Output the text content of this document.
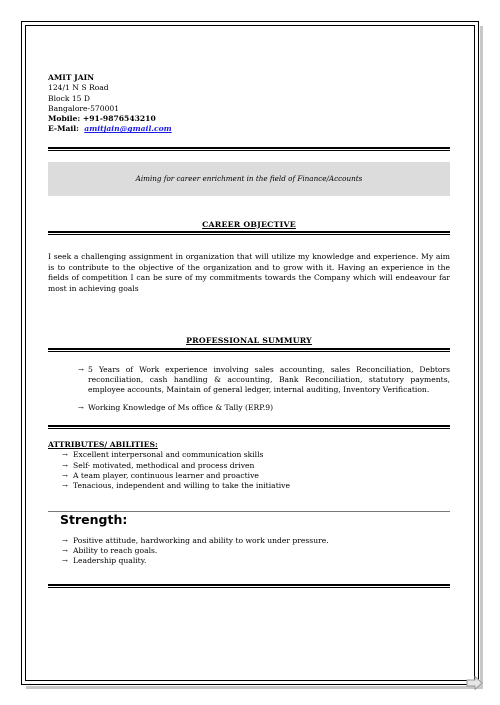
AMIT JAIN
124/1 N S Road
Block 15 D
Bangalore-570001
Mobile: +91-9876543210
E-Mail: amitjain@gmail.com
Aiming for career enrichment in the field of Finance/Accounts
CAREER OBJECTIVE
I seek a challenging assignment in organization that will utilize my knowledge and experience. My aim is to contribute to the objective of the organization and to grow with it. Having an experience in the fields of competition I can be sure of my commitments towards the Company which will endeavour far most in achieving goals
PROFESSIONAL SUMMURY
→ 5 Years of Work experience involving sales accounting, sales Reconciliation, Debtors reconciliation, cash handling & accounting, Bank Reconciliation, statutory payments, employee accounts, Maintain of general ledger, internal auditing, Inventory Verification.
→ Working Knowledge of Ms office & Tally (ERP.9)
ATTRIBUTES/ ABILITIES:
→ Excellent interpersonal and communication skills
→ Self- motivated, methodical and process driven
→ A team player, continuous learner and proactive
→ Tenacious, independent and willing to take the initiative
Strength:
→ Positive attitude, hardworking and ability to work under pressure.
→ Ability to reach goals.
→ Leadership quality.
